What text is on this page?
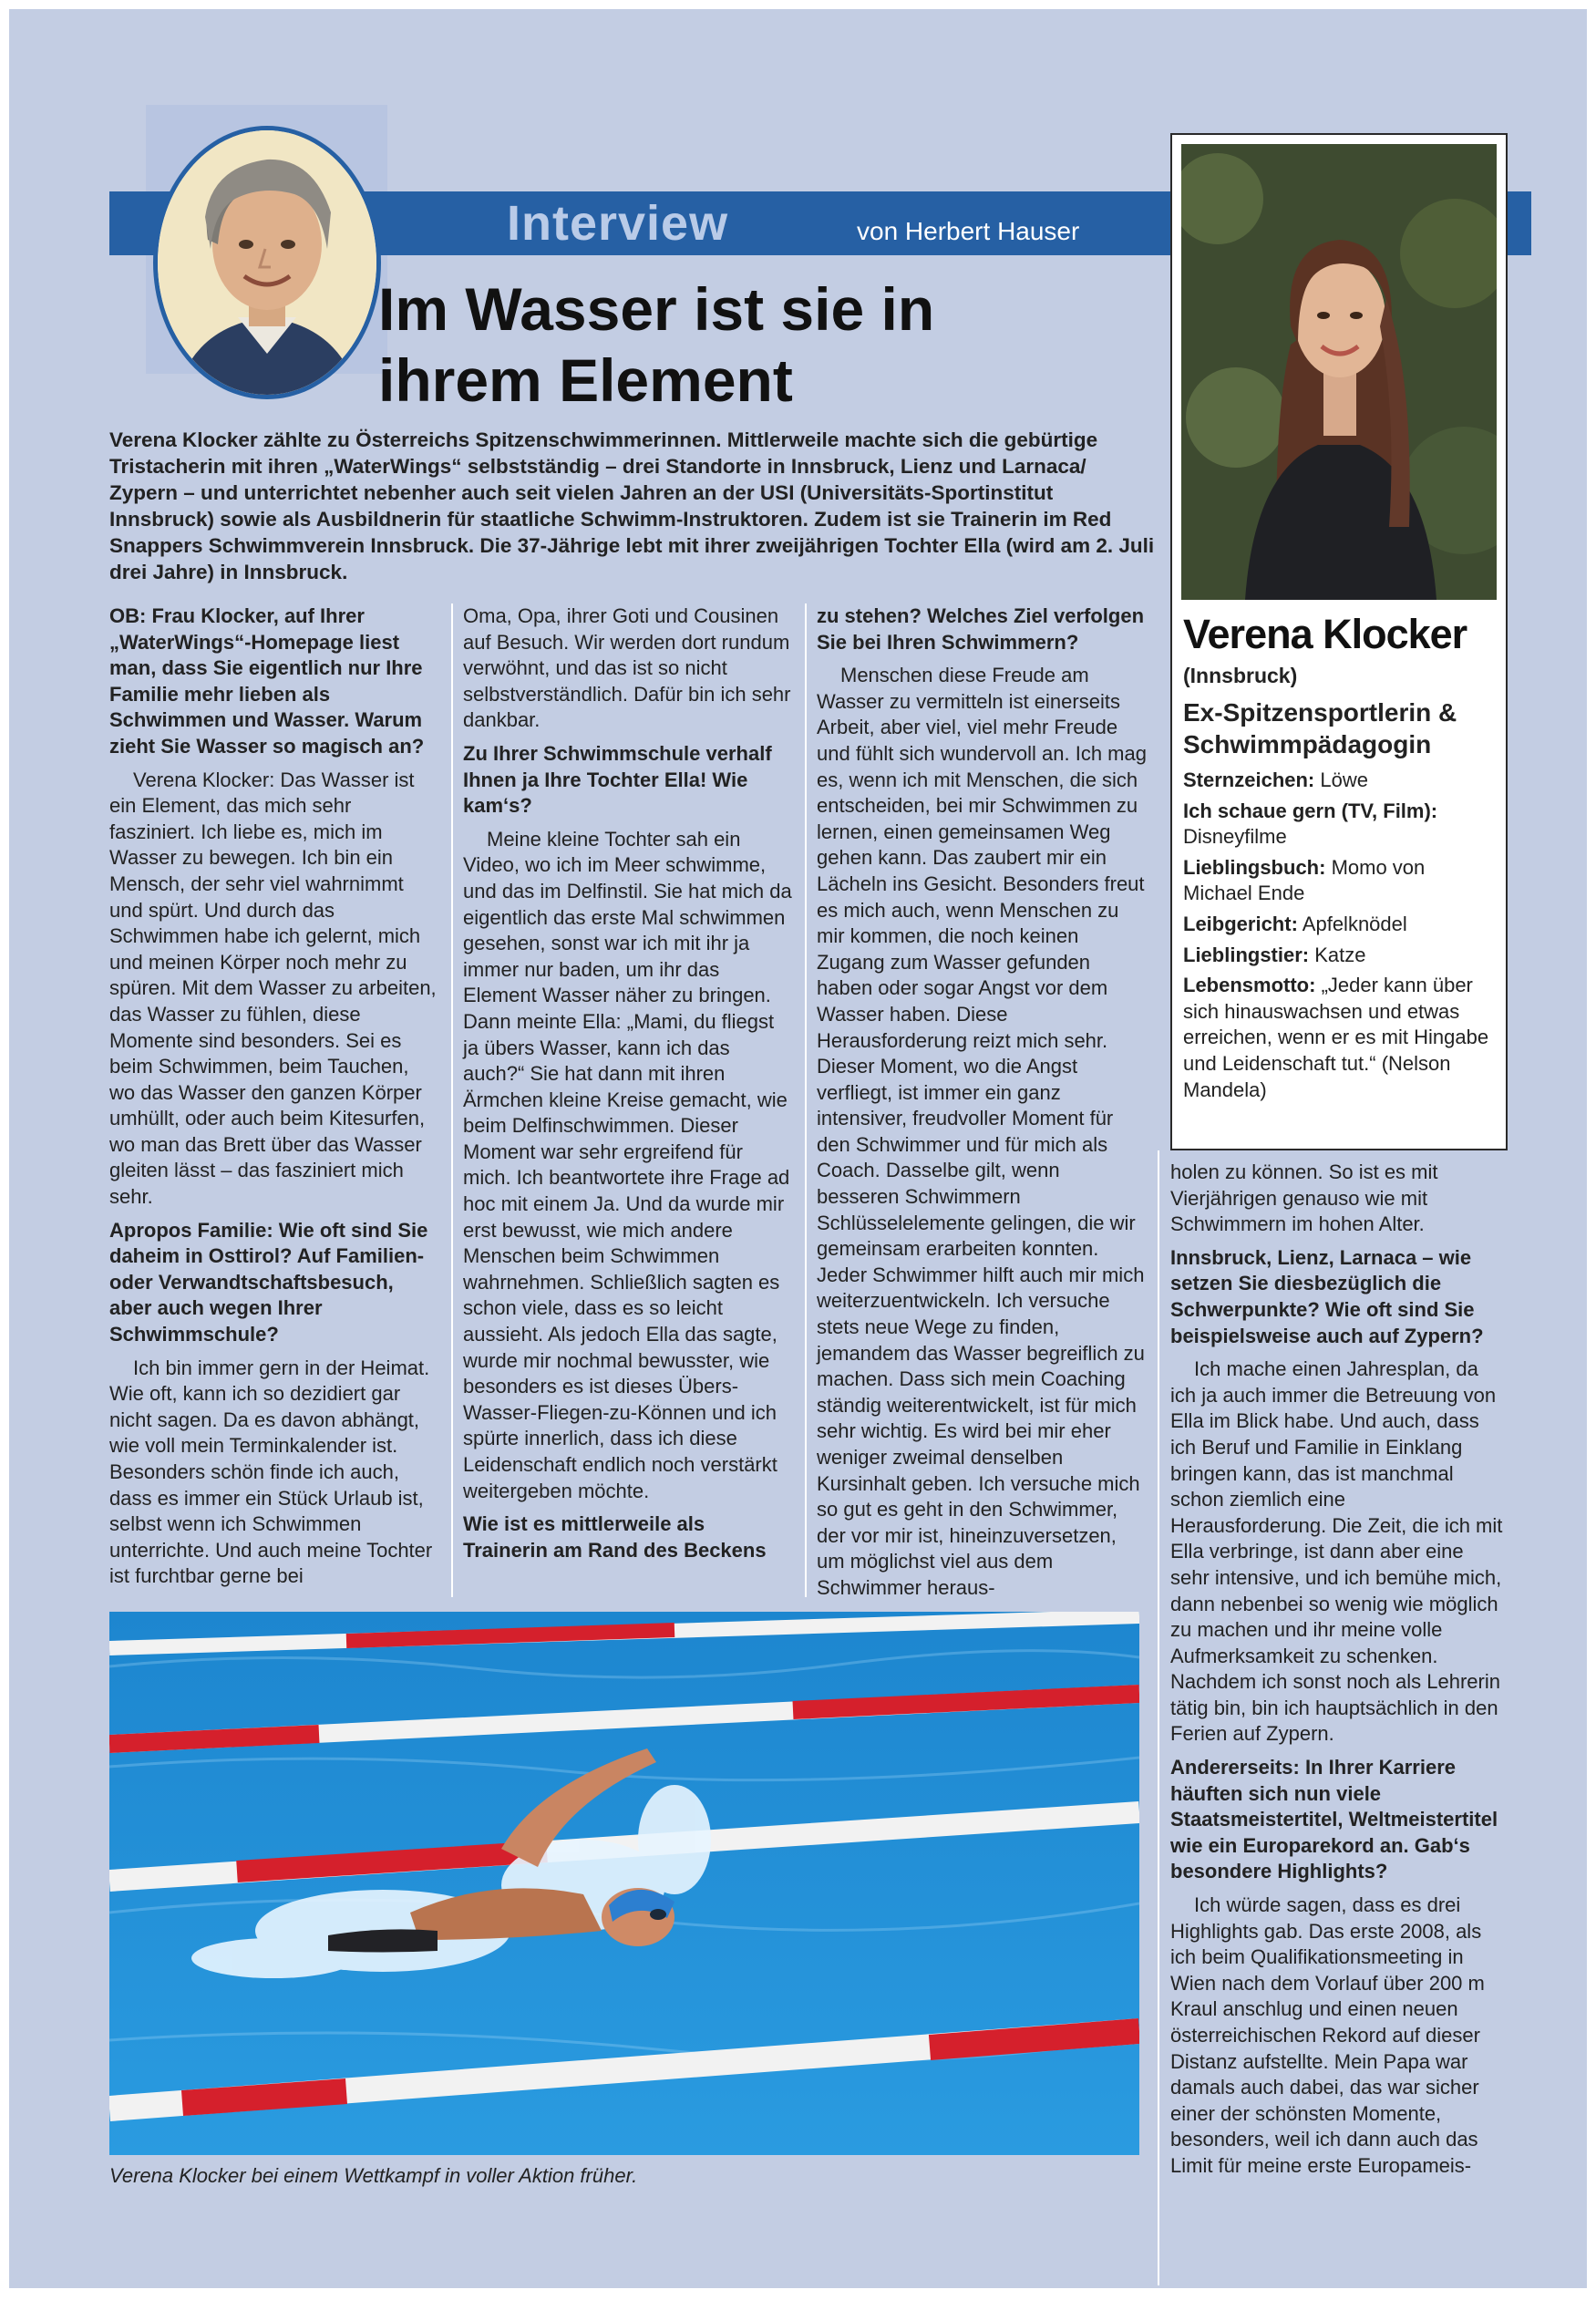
Interview	von Herbert Hauser
Im Wasser ist sie in
ihrem Element
Verena Klocker zählte zu Österreichs Spitzenschwimmerinnen. Mittlerweile machte sich die gebürtige Tristacherin mit ihren „WaterWings“ selbstständig – drei Standorte in Innsbruck, Lienz und Larnaca/ Zypern – und unterrichtet nebenher auch seit vielen Jahren an der USI (Universitäts-Sportinstitut Innsbruck) sowie als Ausbildnerin für staatliche Schwimm-Instruktoren. Zudem ist sie Trainerin im Red Snappers Schwimmverein Innsbruck. Die 37-Jährige lebt mit ihrer zweijährigen Tochter Ella (wird am 2. Juli drei Jahre) in Innsbruck.

OB: Frau Klocker, auf Ihrer „WaterWings“-Homepage liest man, dass Sie eigentlich nur Ihre Familie mehr lieben als Schwimmen und Wasser. Warum zieht Sie Wasser so magisch an?

Verena Klocker: Das Wasser ist ein Element, das mich sehr fasziniert. Ich liebe es, mich im Wasser zu bewegen. Ich bin ein Mensch, der sehr viel wahrnimmt und spürt. Und durch das Schwimmen habe ich gelernt, mich und meinen Körper noch mehr zu spüren. Mit dem Wasser zu arbeiten, das Wasser zu fühlen, diese Momente sind besonders. Sei es beim Schwimmen, beim Tauchen, wo das Wasser den ganzen Körper umhüllt, oder auch beim Kitesurfen, wo man das Brett über das Wasser gleiten lässt – das fasziniert mich sehr.

Apropos Familie: Wie oft sind Sie daheim in Osttirol? Auf Familien- oder Verwandtschaftsbesuch, aber auch wegen Ihrer Schwimmschule?

Ich bin immer gern in der Heimat. Wie oft, kann ich so dezidiert gar nicht sagen. Da es davon abhängt, wie voll mein Terminkalender ist. Besonders schön finde ich auch, dass es immer ein Stück Urlaub ist, selbst wenn ich Schwimmen unterrichte. Und auch meine Tochter ist furchtbar gerne bei

Oma, Opa, ihrer Goti und Cousinen auf Besuch. Wir werden dort rundum verwöhnt, und das ist so nicht selbstverständlich. Dafür bin ich sehr dankbar.

Zu Ihrer Schwimmschule verhalf Ihnen ja Ihre Tochter Ella! Wie kam‘s?

Meine kleine Tochter sah ein Video, wo ich im Meer schwimme, und das im Delfinstil. Sie hat mich da eigentlich das erste Mal schwimmen gesehen, sonst war ich mit ihr ja immer nur baden, um ihr das Element Wasser näher zu bringen. Dann meinte Ella: „Mami, du fliegst ja übers Wasser, kann ich das auch?“ Sie hat dann mit ihren Ärmchen kleine Kreise gemacht, wie beim Delfinschwimmen. Dieser Moment war sehr ergreifend für mich. Ich beantwortete ihre Frage ad hoc mit einem Ja. Und da wurde mir erst bewusst, wie mich andere Menschen beim Schwimmen wahrnehmen. Schließlich sagten es schon viele, dass es so leicht aussieht. Als jedoch Ella das sagte, wurde mir nochmal bewusster, wie besonders es ist dieses Übers-Wasser-Fliegen-zu-Können und ich spürte innerlich, dass ich diese Leidenschaft endlich noch verstärkt weitergeben möchte.

Wie ist es mittlerweile als Trainerin am Rand des Beckens

zu stehen? Welches Ziel verfolgen Sie bei Ihren Schwimmern?

Menschen diese Freude am Wasser zu vermitteln ist einerseits Arbeit, aber viel, viel mehr Freude und fühlt sich wundervoll an. Ich mag es, wenn ich mit Menschen, die sich entscheiden, bei mir Schwimmen zu lernen, einen gemeinsamen Weg gehen kann. Das zaubert mir ein Lächeln ins Gesicht. Besonders freut es mich auch, wenn Menschen zu mir kommen, die noch keinen Zugang zum Wasser gefunden haben oder sogar Angst vor dem Wasser haben. Diese Herausforderung reizt mich sehr. Dieser Moment, wo die Angst verfliegt, ist immer ein ganz intensiver, freudvoller Moment für den Schwimmer und für mich als Coach. Dasselbe gilt, wenn besseren Schwimmern Schlüsselelemente gelingen, die wir gemeinsam erarbeiten konnten. Jeder Schwimmer hilft auch mir mich weiterzuentwickeln. Ich versuche stets neue Wege zu finden, jemandem das Wasser begreiflich zu machen. Dass sich mein Coaching ständig weiterentwickelt, ist für mich sehr wichtig. Es wird bei mir eher weniger zweimal denselben Kursinhalt geben. Ich versuche mich so gut es geht in den Schwimmer, der vor mir ist, hineinzuversetzen, um möglichst viel aus dem Schwimmer heraus-

Verena Klocker
(Innsbruck)
Ex-Spitzensportlerin & Schwimmpädagogin
Sternzeichen: Löwe
Ich schaue gern (TV, Film): Disneyfilme
Lieblingsbuch: Momo von Michael Ende
Leibgericht: Apfelknödel
Lieblingstier: Katze
Lebensmotto: „Jeder kann über sich hinauswachsen und etwas erreichen, wenn er es mit Hingabe und Leidenschaft tut.“ (Nelson Mandela)

holen zu können. So ist es mit Vierjährigen genauso wie mit Schwimmern im hohen Alter.

Innsbruck, Lienz, Larnaca – wie setzen Sie diesbezüglich die Schwerpunkte? Wie oft sind Sie beispielsweise auch auf Zypern?

Ich mache einen Jahresplan, da ich ja auch immer die Betreuung von Ella im Blick habe. Und auch, dass ich Beruf und Familie in Einklang bringen kann, das ist manchmal schon ziemlich eine Herausforderung. Die Zeit, die ich mit Ella verbringe, ist dann aber eine sehr intensive, und ich bemühe mich, dann nebenbei so wenig wie möglich zu machen und ihr meine volle Aufmerksamkeit zu schenken. Nachdem ich sonst noch als Lehrerin tätig bin, bin ich hauptsächlich in den Ferien auf Zypern.

Andererseits: In Ihrer Karriere häuften sich nun viele Staatsmeistertitel, Weltmeistertitel wie ein Europarekord an. Gab‘s besondere Highlights?

Ich würde sagen, dass es drei Highlights gab. Das erste 2008, als ich beim Qualifikationsmeeting in Wien nach dem Vorlauf über 200 m Kraul anschlug und einen neuen österreichischen Rekord auf dieser Distanz aufstellte. Mein Papa war damals auch dabei, das war sicher einer der schönsten Momente, besonders, weil ich dann auch das Limit für meine erste Europameis-

Verena Klocker bei einem Wettkampf in voller Aktion früher.
